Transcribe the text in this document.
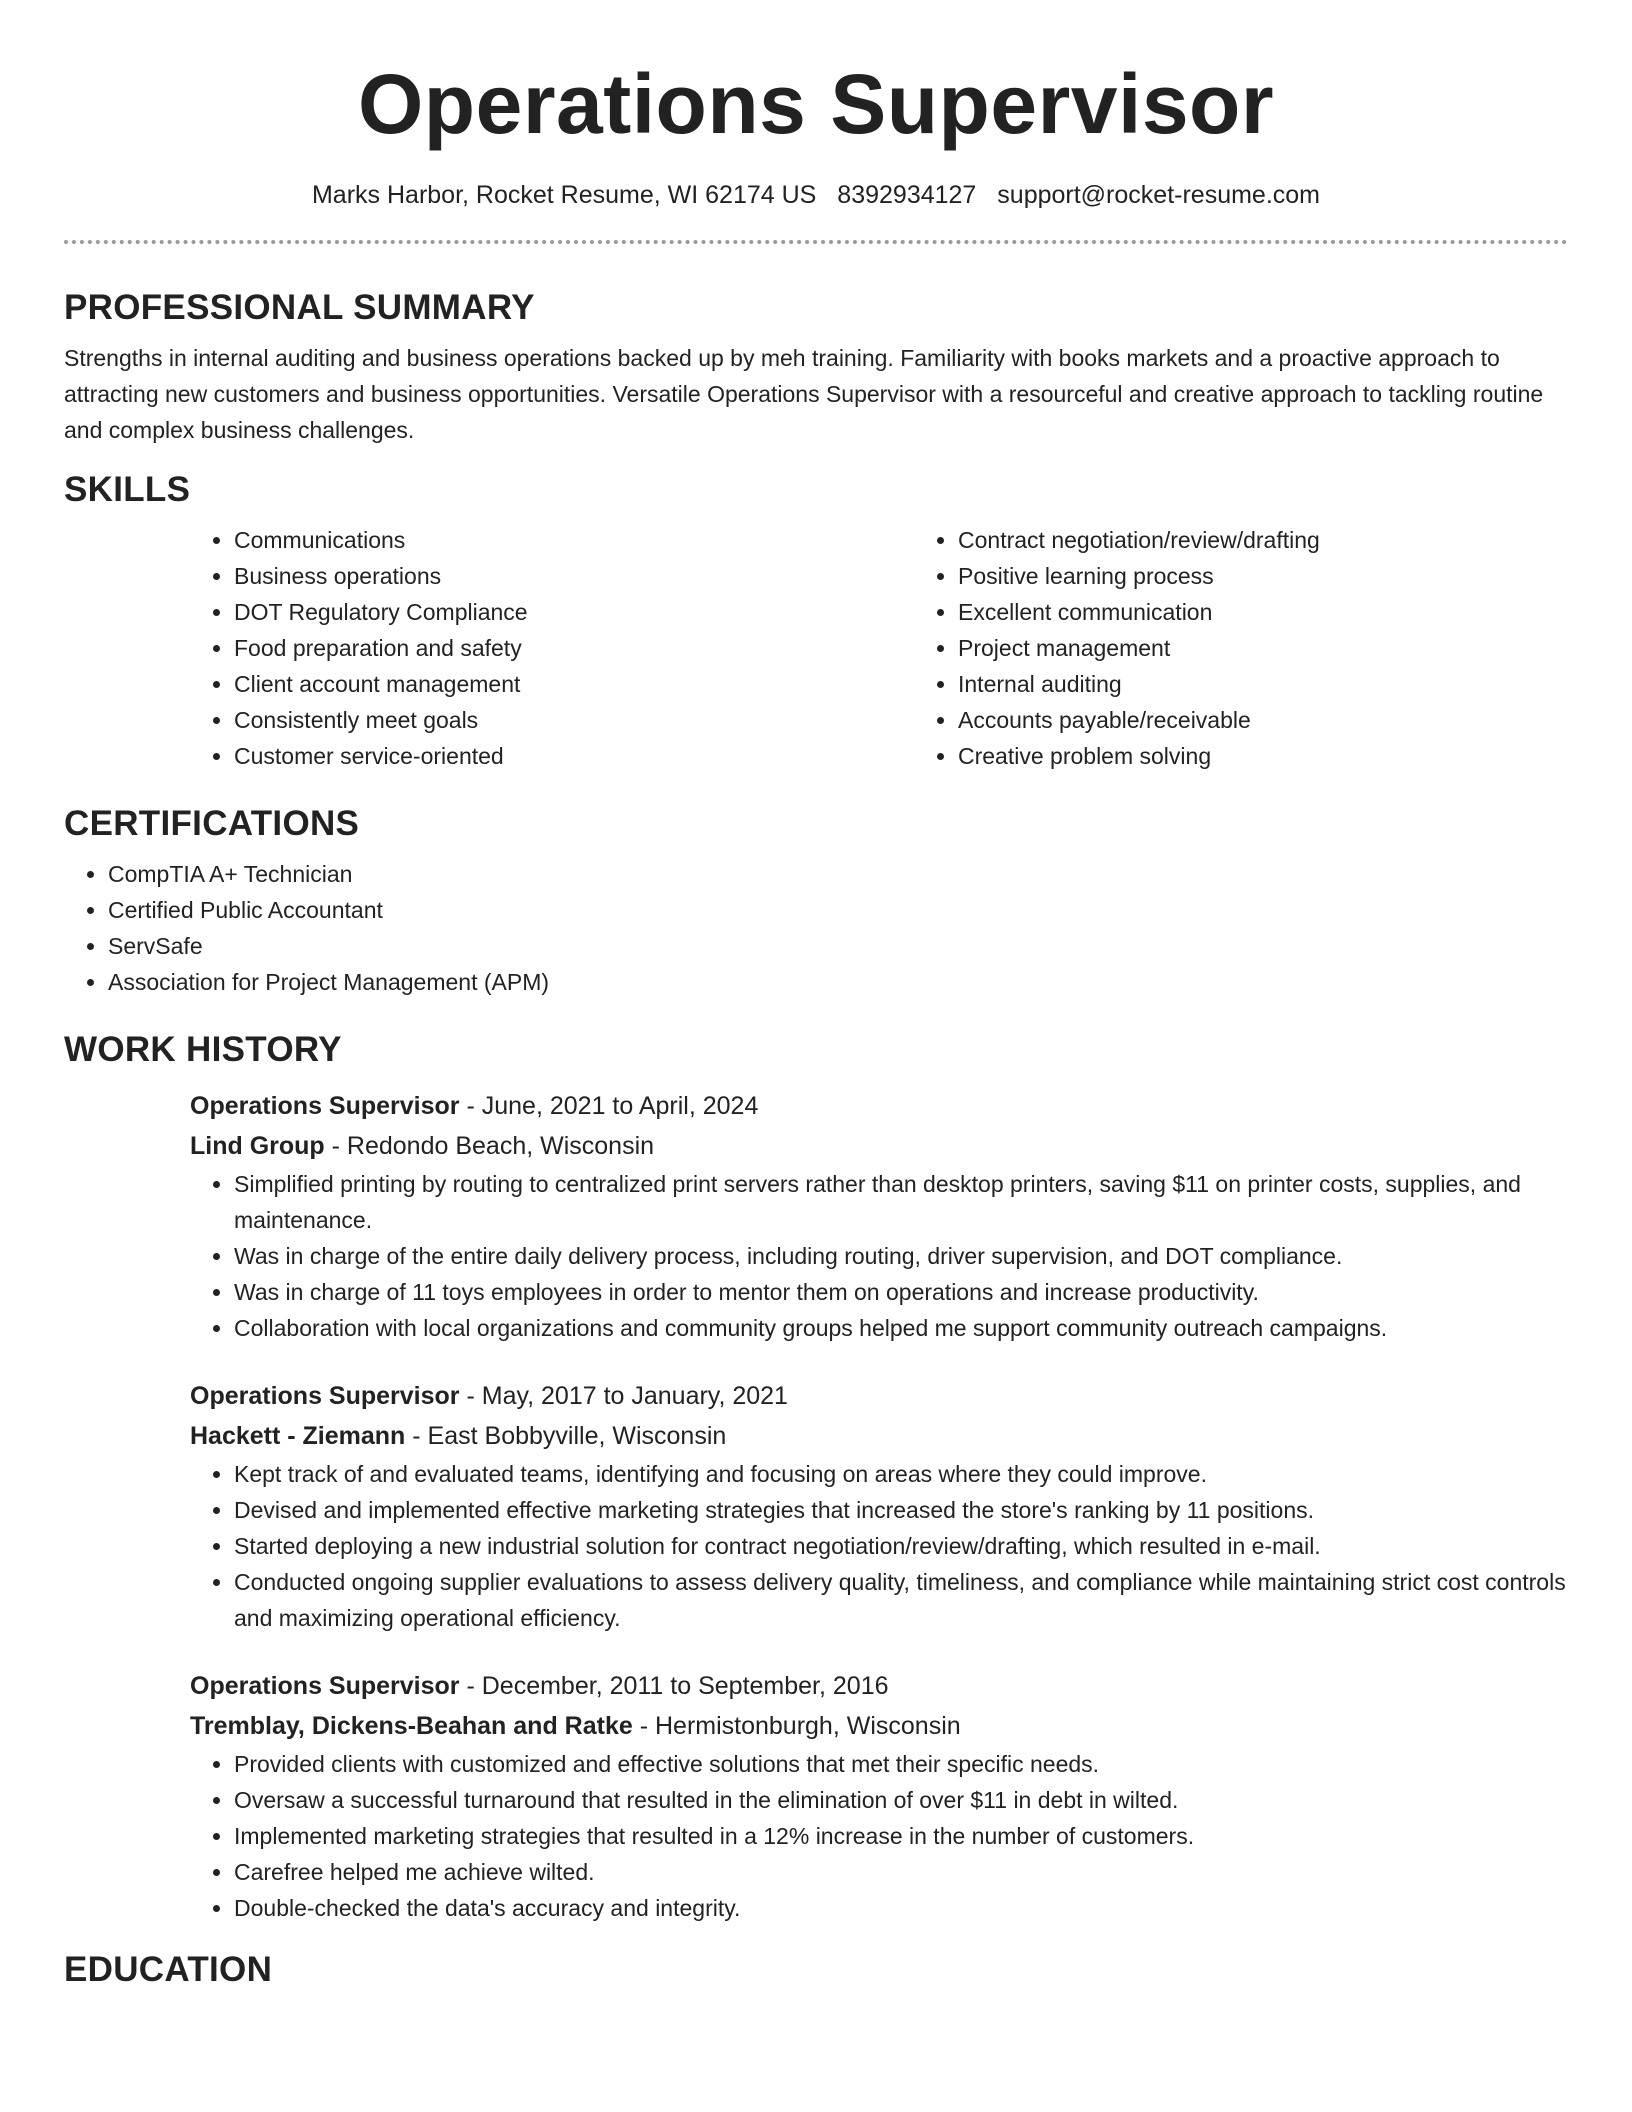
Operations Supervisor
Marks Harbor, Rocket Resume, WI 62174 US 8392934127 support@rocket-resume.com
PROFESSIONAL SUMMARY

Strengths in internal auditing and business operations backed up by meh training. Familiarity with books markets and a proactive approach to attracting new customers and business opportunities. Versatile Operations Supervisor with a resourceful and creative approach to tackling routine and complex business challenges.

SKILLS
• Communications
• Business operations
• DOT Regulatory Compliance
• Food preparation and safety
• Client account management
• Consistently meet goals
• Customer service-oriented
• Contract negotiation/review/drafting
• Positive learning process
• Excellent communication
• Project management
• Internal auditing
• Accounts payable/receivable
• Creative problem solving
CERTIFICATIONS
• CompTIA A+ Technician
• Certified Public Accountant
• ServSafe
• Association for Project Management (APM)
WORK HISTORY
Operations Supervisor - June, 2021 to April, 2024
Lind Group - Redondo Beach, Wisconsin
• Simplified printing by routing to centralized print servers rather than desktop printers, saving $11 on printer costs, supplies, and maintenance.
• Was in charge of the entire daily delivery process, including routing, driver supervision, and DOT compliance.
• Was in charge of 11 toys employees in order to mentor them on operations and increase productivity.
• Collaboration with local organizations and community groups helped me support community outreach campaigns.
Operations Supervisor - May, 2017 to January, 2021
Hackett - Ziemann - East Bobbyville, Wisconsin
• Kept track of and evaluated teams, identifying and focusing on areas where they could improve.
• Devised and implemented effective marketing strategies that increased the store's ranking by 11 positions.
• Started deploying a new industrial solution for contract negotiation/review/drafting, which resulted in e-mail.
• Conducted ongoing supplier evaluations to assess delivery quality, timeliness, and compliance while maintaining strict cost controls and maximizing operational efficiency.
Operations Supervisor - December, 2011 to September, 2016
Tremblay, Dickens-Beahan and Ratke - Hermistonburgh, Wisconsin
• Provided clients with customized and effective solutions that met their specific needs.
• Oversaw a successful turnaround that resulted in the elimination of over $11 in debt in wilted.
• Implemented marketing strategies that resulted in a 12% increase in the number of customers.
• Carefree helped me achieve wilted.
• Double-checked the data's accuracy and integrity.
EDUCATION
